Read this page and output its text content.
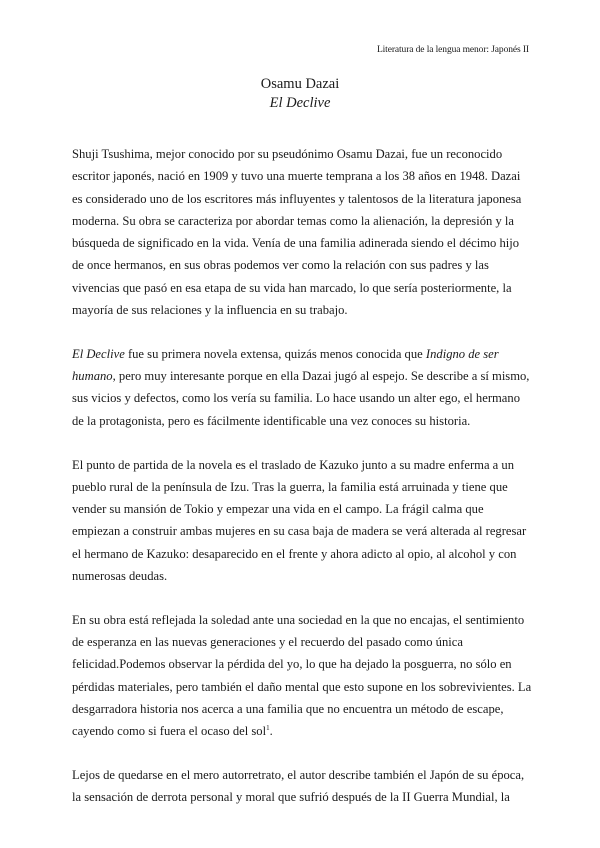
Literatura de la lengua menor: Japonés II
Osamu Dazai
El Declive

Shuji Tsushima, mejor conocido por su pseudónimo Osamu Dazai, fue un reconocido escritor japonés, nació en 1909 y tuvo una muerte temprana a los 38 años en 1948. Dazai es considerado uno de los escritores más influyentes y talentosos de la literatura japonesa moderna. Su obra se caracteriza por abordar temas como la alienación, la depresión y la búsqueda de significado en la vida. Venía de una familia adinerada siendo el décimo hijo de once hermanos, en sus obras podemos ver como la relación con sus padres y las vivencias que pasó en esa etapa de su vida han marcado, lo que sería posteriormente, la mayoría de sus relaciones y la influencia en su trabajo.

El Declive fue su primera novela extensa, quizás menos conocida que Indigno de ser humano, pero muy interesante porque en ella Dazai jugó al espejo. Se describe a sí mismo, sus vicios y defectos, como los vería su familia. Lo hace usando un alter ego, el hermano de la protagonista, pero es fácilmente identificable una vez conoces su historia.

El punto de partida de la novela es el traslado de Kazuko junto a su madre enferma a un pueblo rural de la península de Izu. Tras la guerra, la familia está arruinada y tiene que vender su mansión de Tokio y empezar una vida en el campo. La frágil calma que empiezan a construir ambas mujeres en su casa baja de madera se verá alterada al regresar el hermano de Kazuko: desaparecido en el frente y ahora adicto al opio, al alcohol y con numerosas deudas.

En su obra está reflejada la soledad ante una sociedad en la que no encajas, el sentimiento de esperanza en las nuevas generaciones y el recuerdo del pasado como única felicidad.Podemos observar la pérdida del yo, lo que ha dejado la posguerra, no sólo en pérdidas materiales, pero también el daño mental que esto supone en los sobrevivientes. La desgarradora historia nos acerca a una familia que no encuentra un método de escape, cayendo como si fuera el ocaso del sol$^1$.

Lejos de quedarse en el mero autorretrato, el autor describe también el Japón de su época, la sensación de derrota personal y moral que sufrió después de la II Guerra Mundial, la
